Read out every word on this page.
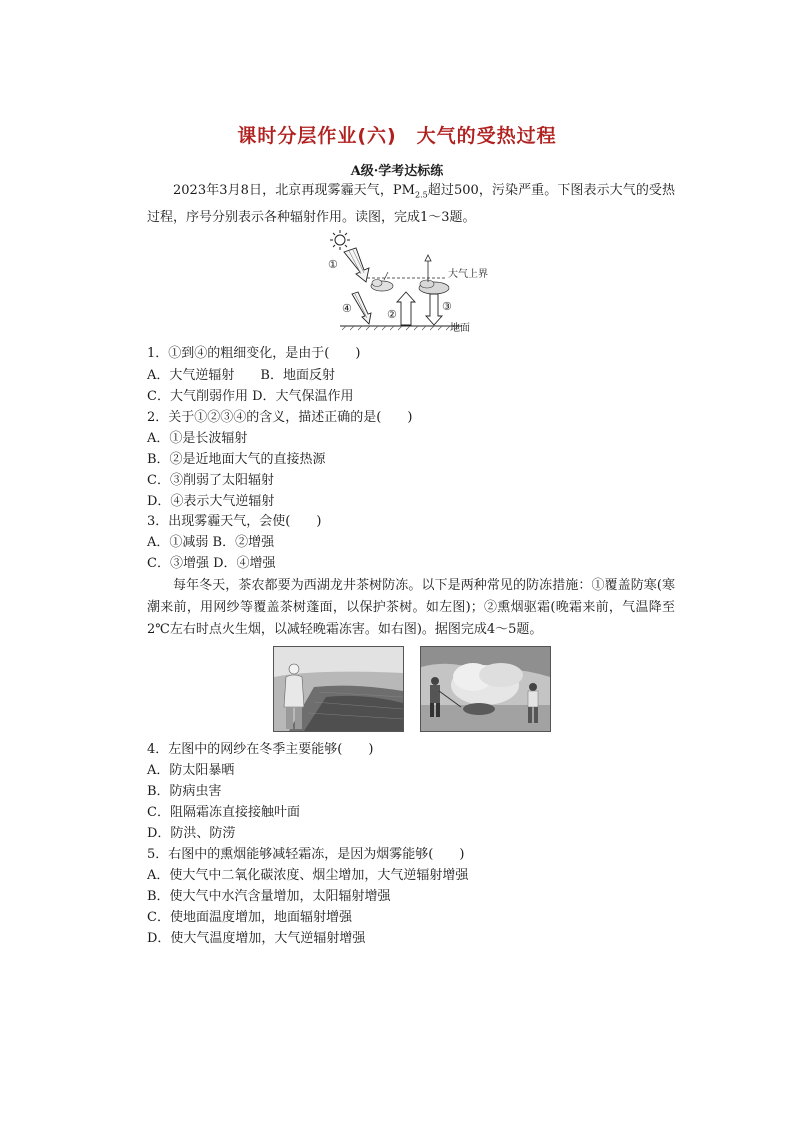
课时分层作业(六)　大气的受热过程
A级·学考达标练
2023年3月8日，北京再现雾霾天气，$PM_{2.5}$超过500，污染严重。下图表示大气的受热过程，序号分别表示各种辐射作用。读图，完成1～3题。
①
④	②
③
大气上界
地面
1．①到④的粗细变化，是由于(　　)
A．大气逆辐射　　B．地面反射
C．大气削弱作用 D．大气保温作用
2．关于①②③④的含义，描述正确的是(　　)
A．①是长波辐射
B．②是近地面大气的直接热源
C．③削弱了太阳辐射
D．④表示大气逆辐射
3．出现雾霾天气，会使(　　)
A．①减弱 B．②增强
C．③增强 D．④增强
每年冬天，茶农都要为西湖龙井茶树防冻。以下是两种常见的防冻措施：①覆盖防寒(寒潮来前，用网纱等覆盖茶树蓬面，以保护茶树。如左图)；②熏烟驱霜(晚霜来前，气温降至2℃左右时点火生烟，以减轻晚霜冻害。如右图)。据图完成4～5题。
4．左图中的网纱在冬季主要能够(　　)
A．防太阳暴晒
B．防病虫害
C．阻隔霜冻直接接触叶面
D．防洪、防涝
5．右图中的熏烟能够减轻霜冻，是因为烟雾能够(　　)
A．使大气中二氧化碳浓度、烟尘增加，大气逆辐射增强
B．使大气中水汽含量增加，太阳辐射增强
C．使地面温度增加，地面辐射增强
D．使大气温度增加，大气逆辐射增强
